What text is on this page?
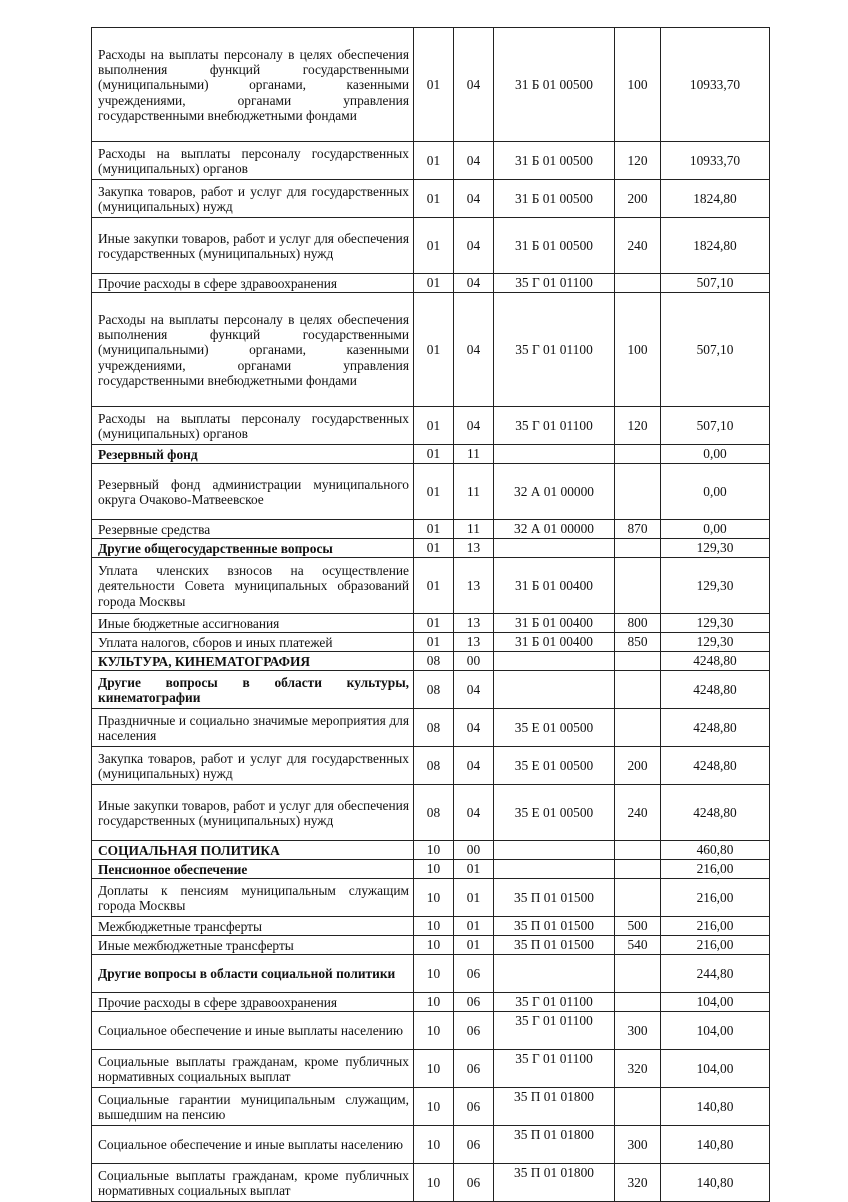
Расходы на выплаты персоналу в целях обеспечения выполнения функций государственными (муниципальными) органами, казенными учреждениями, органами управления государственными внебюджетными фондами	01	04	31 Б 01 00500	100	10933,70
Расходы на выплаты персоналу государственных (муниципальных) органов	01	04	31 Б 01 00500	120	10933,70
Закупка товаров, работ и услуг для государственных (муниципальных) нужд	01	04	31 Б 01 00500	200	1824,80
Иные закупки товаров, работ и услуг для обеспечения государственных (муниципальных) нужд	01	04	31 Б 01 00500	240	1824,80
Прочие расходы в сфере здравоохранения	01	04	35 Г 01 01100		507,10
Расходы на выплаты персоналу в целях обеспечения выполнения функций государственными (муниципальными) органами, казенными учреждениями, органами управления государственными внебюджетными фондами	01	04	35 Г 01 01100	100	507,10
Расходы на выплаты персоналу государственных (муниципальных) органов	01	04	35 Г 01 01100	120	507,10
Резервный фонд	01	11			0,00
Резервный фонд администрации муниципального округа Очаково-Матвеевское	01	11	32 А 01 00000		0,00
Резервные средства	01	11	32 А 01 00000	870	0,00
Другие общегосударственные вопросы	01	13			129,30
Уплата членских взносов на осуществление деятельности Совета муниципальных образований города Москвы	01	13	31 Б 01 00400		129,30
Иные бюджетные ассигнования	01	13	31 Б 01 00400	800	129,30
Уплата налогов, сборов и иных платежей	01	13	31 Б 01 00400	850	129,30
КУЛЬТУРА, КИНЕМАТОГРАФИЯ	08	00			4248,80
Другие вопросы в области культуры, кинематографии	08	04			4248,80
Праздничные и социально значимые мероприятия для населения	08	04	35 Е 01 00500		4248,80
Закупка товаров, работ и услуг для государственных (муниципальных) нужд	08	04	35 Е 01 00500	200	4248,80
Иные закупки товаров, работ и услуг для обеспечения государственных (муниципальных) нужд	08	04	35 Е 01 00500	240	4248,80
СОЦИАЛЬНАЯ ПОЛИТИКА	10	00			460,80
Пенсионное обеспечение	10	01			216,00
Доплаты к пенсиям муниципальным служащим города Москвы	10	01	35 П 01 01500		216,00
Межбюджетные трансферты	10	01	35 П 01 01500	500	216,00
Иные межбюджетные трансферты	10	01	35 П 01 01500	540	216,00
Другие вопросы в области социальной политики	10	06			244,80
Прочие расходы в сфере здравоохранения	10	06	35 Г 01 01100		104,00
Социальное обеспечение и иные выплаты населению	10	06	35 Г 01 01100	300	104,00
Социальные выплаты гражданам, кроме публичных нормативных социальных выплат	10	06	35 Г 01 01100	320	104,00
Социальные гарантии муниципальным служащим, вышедшим на пенсию	10	06	35 П 01 01800		140,80
Социальное обеспечение и иные выплаты населению	10	06	35 П 01 01800	300	140,80
Социальные выплаты гражданам, кроме публичных нормативных социальных выплат	10	06	35 П 01 01800	320	140,80
